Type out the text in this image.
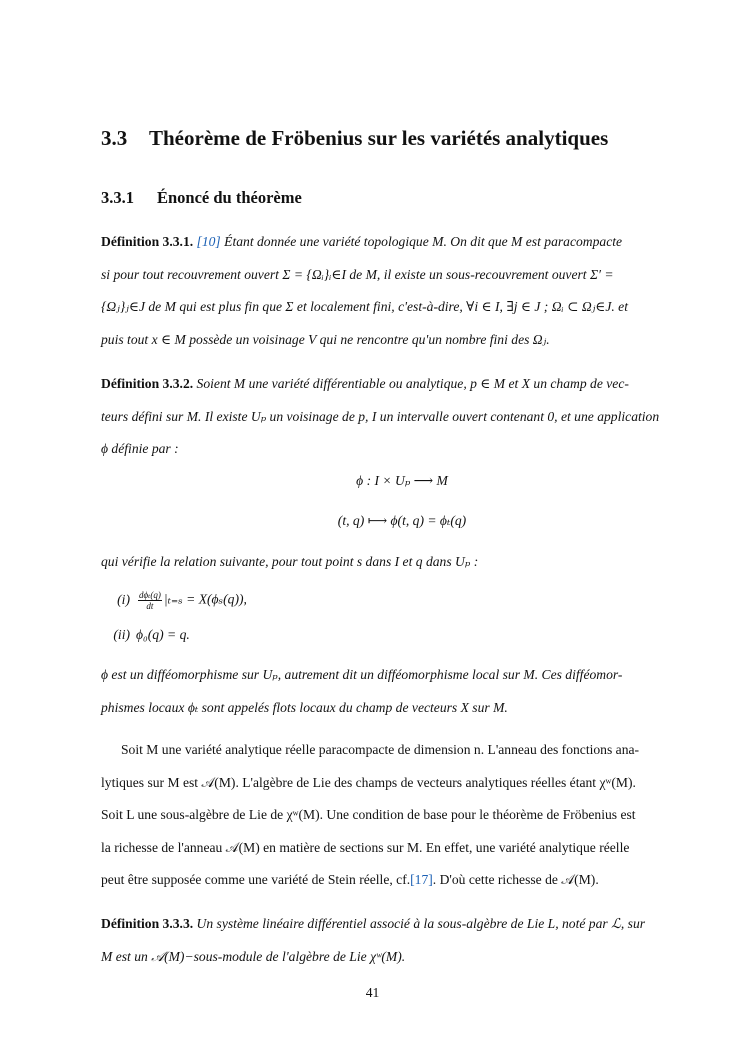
3.3 Théorème de Fröbenius sur les variétés analytiques
3.3.1 Énoncé du théorème
Définition 3.3.1. [10] Étant donnée une variété topologique M. On dit que M est paracompacte
si pour tout recouvrement ouvert Σ = {Ωᵢ}ᵢ∈I de M, il existe un sous-recouvrement ouvert Σ′ =
{Ωⱼ}ⱼ∈J de M qui est plus fin que Σ et localement fini, c'est-à-dire, ∀i ∈ I, ∃j ∈ J ; Ωᵢ ⊂ Ωⱼ∈J. et
puis tout x ∈ M possède un voisinage V qui ne rencontre qu'un nombre fini des Ωⱼ.
Définition 3.3.2. Soient M une variété différentiable ou analytique, p ∈ M et X un champ de vec-
teurs défini sur M. Il existe Uₚ un voisinage de p, I un intervalle ouvert contenant 0, et une application
ϕ définie par :
ϕ : I × Uₚ ⟶ M
(t, q) ⟼ ϕ(t, q) = ϕₜ(q)
qui vérifie la relation suivante, pour tout point s dans I et q dans Uₚ :
$(i) \frac{\text{dϕₜ(q)}}{dt} |_{t=s} = X(\phi_s(q))$,
(ii) ϕ₀(q) = q.
ϕ est un difféomorphisme sur Uₚ, autrement dit un difféomorphisme local sur M. Ces difféomor-
phismes locaux ϕₜ sont appelés flots locaux du champ de vecteurs X sur M.
Soit M une variété analytique réelle paracompacte de dimension n. L'anneau des fonctions ana-
lytiques sur M est 𝒜(M). L'algèbre de Lie des champs de vecteurs analytiques réelles étant χʷ(M).
Soit L une sous-algèbre de Lie de χʷ(M). Une condition de base pour le théorème de Fröbenius est
la richesse de l'anneau 𝒜(M) en matière de sections sur M. En effet, une variété analytique réelle
peut être supposée comme une variété de Stein réelle, cf.[17]. D'où cette richesse de 𝒜(M).
Définition 3.3.3. Un système linéaire différentiel associé à la sous-algèbre de Lie L, noté par ℒ, sur
M est un 𝒜(M)−sous-module de l'algèbre de Lie χʷ(M).
41
